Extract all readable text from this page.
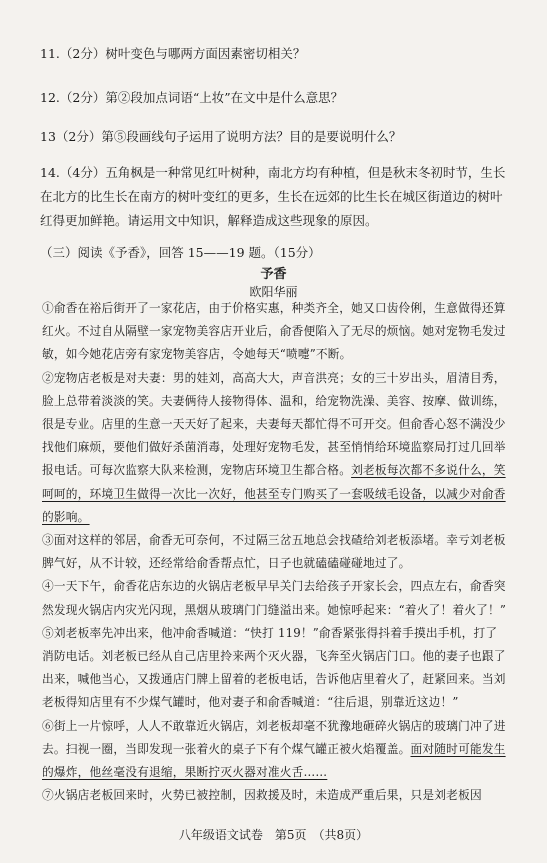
11.（2分）树叶变色与哪两方面因素密切相关？
12.（2分）第②段加点词语“上妆”在文中是什么意思？
13（2分）第⑤段画线句子运用了说明方法？目的是要说明什么？
14.（4分）五角枫是一种常见红叶树种，南北方均有种植，但是秋末冬初时节，生长在北方的比生长在南方的树叶变红的更多，生长在远郊的比生长在城区街道边的树叶红得更加鲜艳。请运用文中知识，解释造成这些现象的原因。
（三）阅读《予香》，回答 15——19 题。（15分）
予香
欧阳华丽

①俞香在裕后街开了一家花店，由于价格实惠，种类齐全，她又口齿伶俐，生意做得还算红火。不过自从隔壁一家宠物美容店开业后，俞香便陷入了无尽的烦恼。她对宠物毛发过敏，如今她花店旁有家宠物美容店，令她每天“喷嚏”不断。

②宠物店老板是对夫妻：男的娃刘，高高大大，声音洪亮；女的三十岁出头，眉清目秀，脸上总带着淡淡的笑。夫妻俩待人接物得体、温和，给宠物洗澡、美容、按摩、做训练，很是专业。店里的生意一天天好了起来，夫妻每天都忙得不可开交。但俞香心怒不满没少找他们麻烦，要他们做好杀菌消毒，处理好宠物毛发，甚至悄悄给环境监察局打过几回举报电话。可每次监察大队来检测，宠物店环境卫生都合格。刘老板每次都不多说什么，笑呵呵的，环境卫生做得一次比一次好，他甚至专门购买了一套吸绒毛设备，以减少对俞香的影响。

③面对这样的邻居，俞香无可奈何，不过隔三岔五地总会找碴给刘老板添堵。幸亏刘老板脾气好，从不计较，还经常给俞香帮点忙，日子也就磕磕碰碰地过了。

④一天下午，俞香花店东边的火锅店老板早早关门去给孩子开家长会，四点左右，俞香突然发现火锅店内灾光闪现，黑烟从玻璃门门缝溢出来。她惊呼起来：“着火了！着火了！”

⑤刘老板率先冲出来，他冲俞香喊道：“快打 119！”俞香紧张得抖着手摸出手机，打了消防电话。刘老板已经从自己店里拎来两个灭火器，飞奔至火锅店门口。他的妻子也跟了出来，喊他当心，又拨通店门牌上留着的老板电话，告诉他店里着火了，赶紧回来。当刘老板得知店里有不少煤气罐时，他对妻子和俞香喊道：“往后退，别靠近这边！”

⑥街上一片惊呼，人人不敢靠近火锅店，刘老板却毫不犹豫地砸碎火锅店的玻璃门冲了进去。扫视一圈，当即发现一张着火的桌子下有个煤气罐正被火焰覆盖。面对随时可能发生的爆炸，他丝毫没有退缩，果断拧灭火器对准火舌……

⑦火锅店老板回来时，火势已被控制，因救援及时，未造成严重后果，只是刘老板因

八年级语文试卷　第5页　（共8页）
